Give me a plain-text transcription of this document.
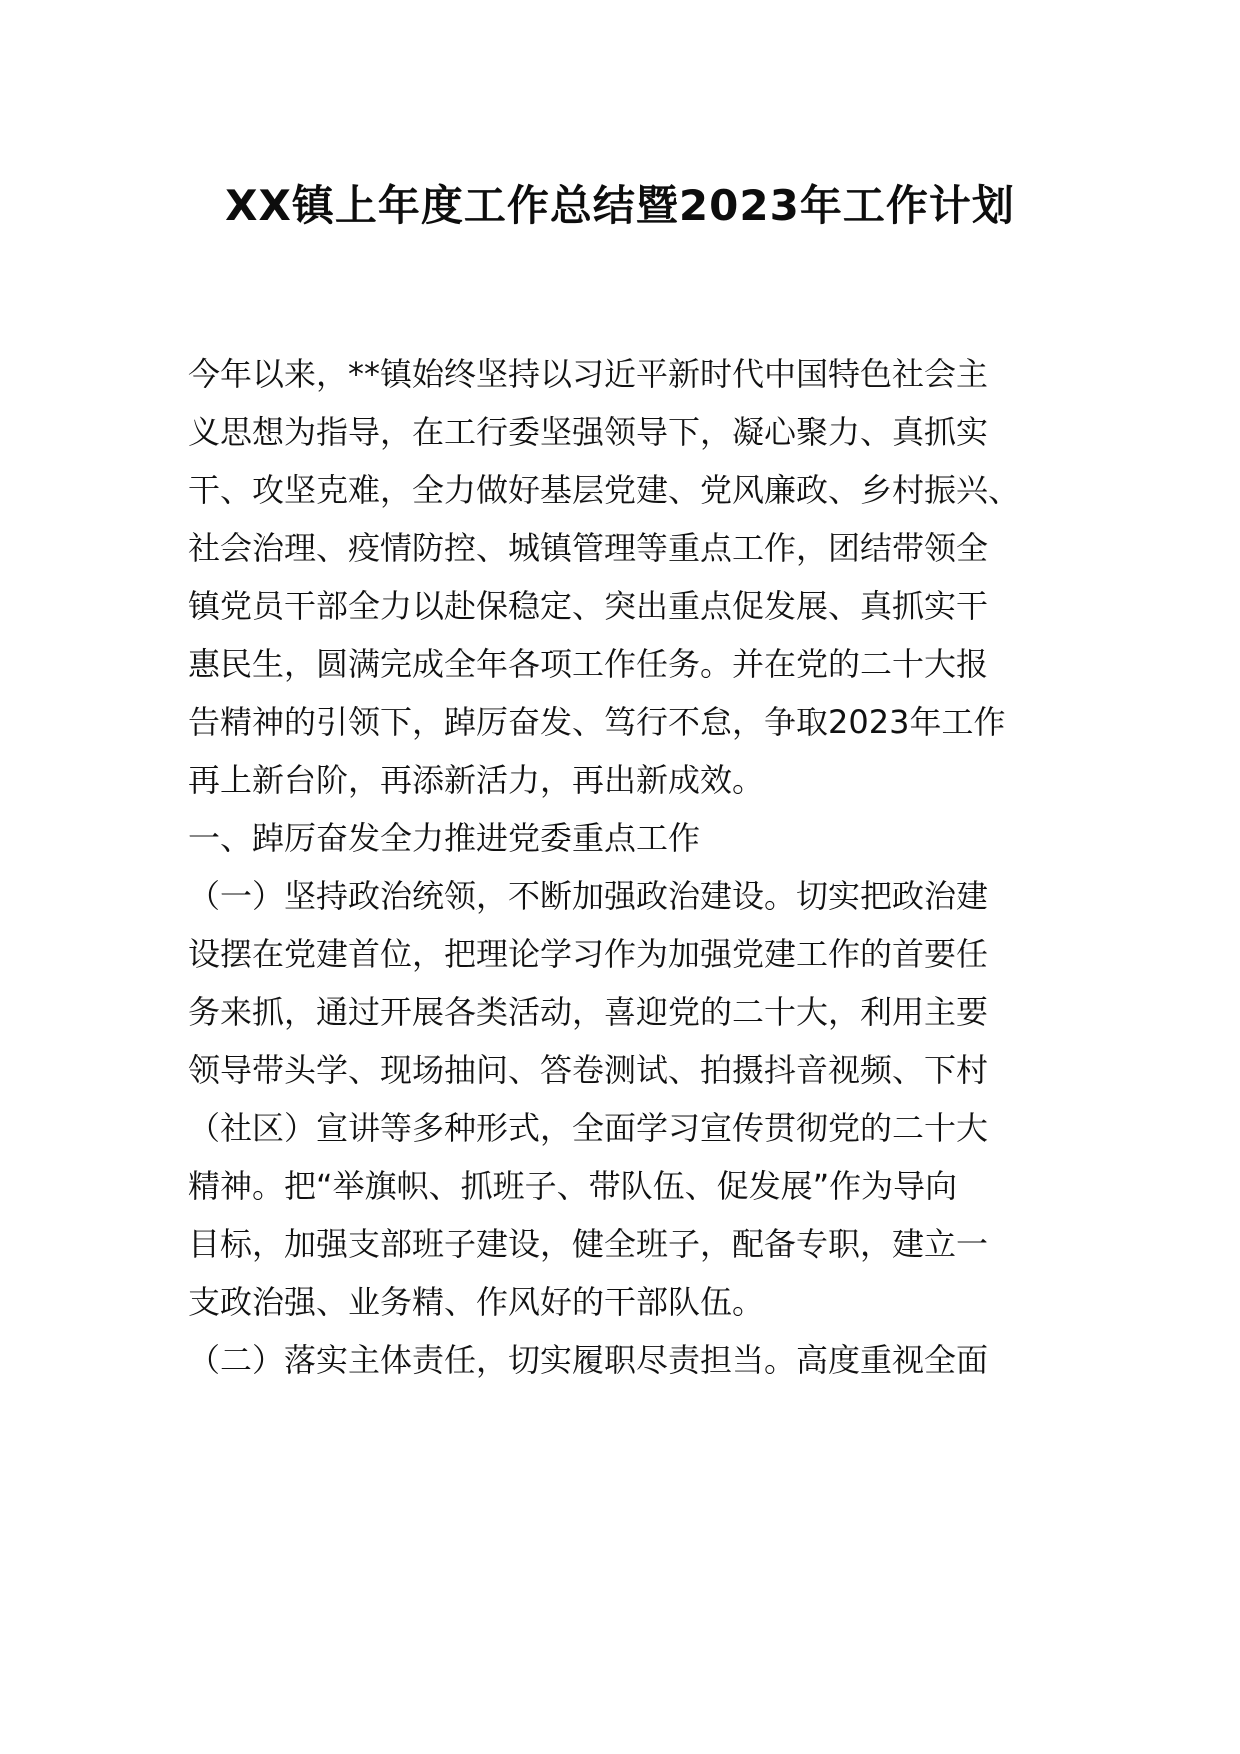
XX镇上年度工作总结暨2023年工作计划
今年以来，**镇始终坚持以习近平新时代中国特色社会主
义思想为指导，在工行委坚强领导下，凝心聚力、真抓实
干、攻坚克难，全力做好基层党建、党风廉政、乡村振兴、
社会治理、疫情防控、城镇管理等重点工作，团结带领全
镇党员干部全力以赴保稳定、突出重点促发展、真抓实干
惠民生，圆满完成全年各项工作任务。并在党的二十大报
告精神的引领下，踔厉奋发、笃行不怠，争取2023年工作
再上新台阶，再添新活力，再出新成效。
一、踔厉奋发全力推进党委重点工作
（一）坚持政治统领，不断加强政治建设。切实把政治建
设摆在党建首位，把理论学习作为加强党建工作的首要任
务来抓，通过开展各类活动，喜迎党的二十大，利用主要
领导带头学、现场抽问、答卷测试、拍摄抖音视频、下村
（社区）宣讲等多种形式，全面学习宣传贯彻党的二十大
精神。把“举旗帜、抓班子、带队伍、促发展”作为导向
目标，加强支部班子建设，健全班子，配备专职，建立一
支政治强、业务精、作风好的干部队伍。
（二）落实主体责任，切实履职尽责担当。高度重视全面
